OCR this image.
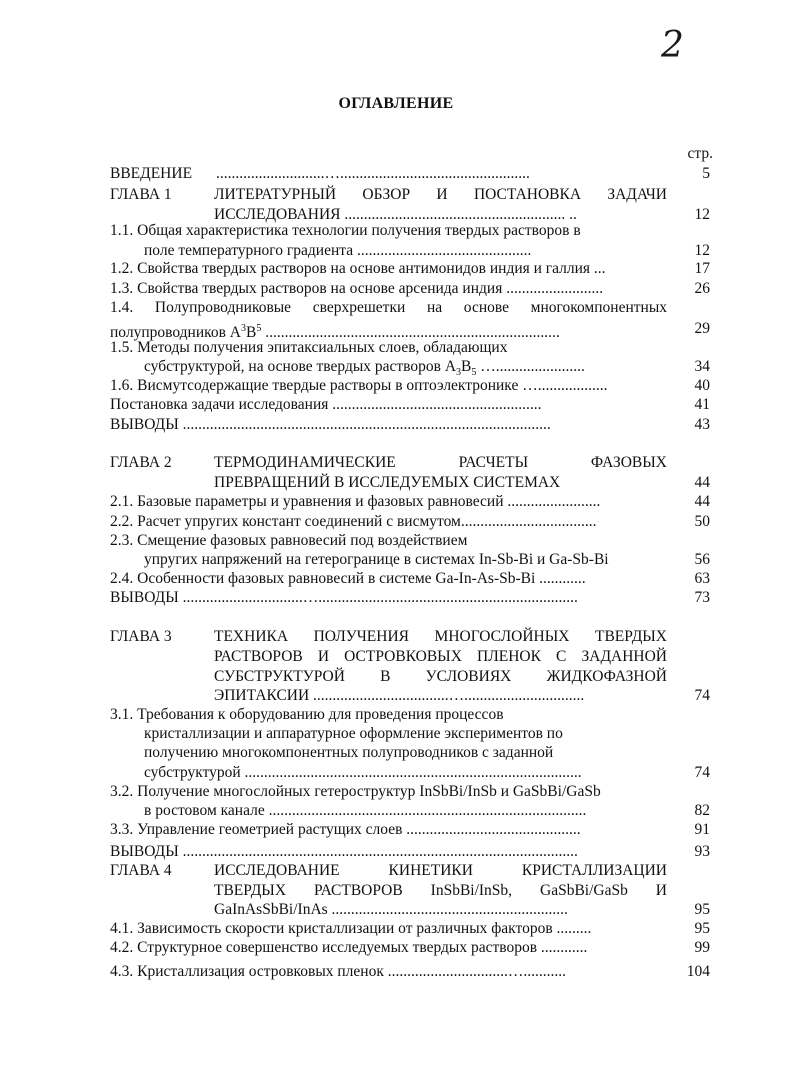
2
ОГЛАВЛЕНИЕ
стр.
ВВЕДЕНИЕ ............................….................................................	5
ГЛАВА 1	ЛИТЕРАТУРНЫЙ ОБЗОР И ПОСТАНОВКА ЗАДАЧИ
ИССЛЕДОВАНИЯ ......................................................... ..	12
1.1. Общая характеристика технологии получения твердых растворов в
поле температурного градиента .............................................	12
1.2. Свойства твердых растворов на основе антимонидов индия и галлия ...	17
1.3. Свойства твердых растворов на основе арсенида индия .........................	26
1.4. Полупроводниковые сверхрешетки на основе многокомпонентных
полупроводников $A^3B^5$ ............................................................................	29
1.5. Методы получения эпитаксиальных слоев, обладающих
субструктурой, на основе твердых растворов $A_3B_5$ ….......................	34
1.6. Висмутсодержащие твердые растворы в оптоэлектронике …..................	40
Постановка задачи исследования ......................................................	41
ВЫВОДЫ ...............................................................................................	43
ГЛАВА 2	ТЕРМОДИНАМИЧЕСКИЕ РАСЧЕТЫ ФАЗОВЫХ
ПРЕВРАЩЕНИЙ В ИССЛЕДУЕМЫХ СИСТЕМАХ	44
2.1. Базовые параметры и уравнения и фазовых равновесий ........................	44
2.2. Расчет упругих констант соединений с висмутом...................................	50
2.3. Смещение фазовых равновесий под воздействием
упругих напряжений на гетерогранице в системах In-Sb-Bi и Ga-Sb-Bi	56
2.4. Особенности фазовых равновесий в системе Ga-In-As-Sb-Bi ............	63
ВЫВОДЫ ...............................…...................................................................	73
ГЛАВА 3	ТЕХНИКА ПОЛУЧЕНИЯ МНОГОСЛОЙНЫХ ТВЕРДЫХ
РАСТВОРОВ И ОСТРОВКОВЫХ ПЛЕНОК С ЗАДАННОЙ
СУБСТРУКТУРОЙ В УСЛОВИЯХ ЖИДКОФАЗНОЙ
ЭПИТАКСИИ ...................................…...............................	74
3.1. Требования к оборудованию для проведения процессов
кристаллизации и аппаратурное оформление экспериментов по
получению многокомпонентных полупроводников с заданной
субструктурой .......................................................................................	74
3.2. Получение многослойных гетероструктур InSbBi/InSb и GaSbBi/GaSb
в ростовом канале ..................................................................................	82
3.3. Управление геометрией растущих слоев .............................................	91
ВЫВОДЫ ......................................................................................................	93
ГЛАВА 4	ИССЛЕДОВАНИЕ КИНЕТИКИ КРИСТАЛЛИЗАЦИИ
ТВЕРДЫХ РАСТВОРОВ InSbBi/InSb, GaSbBi/GaSb И
GaInAsSbBi/InAs .............................................................	95
4.1. Зависимость скорости кристаллизации от различных факторов .........	95
4.2. Структурное совершенство исследуемых твердых растворов ............	99
4.3. Кристаллизация островковых пленок ...............................…...........	104
